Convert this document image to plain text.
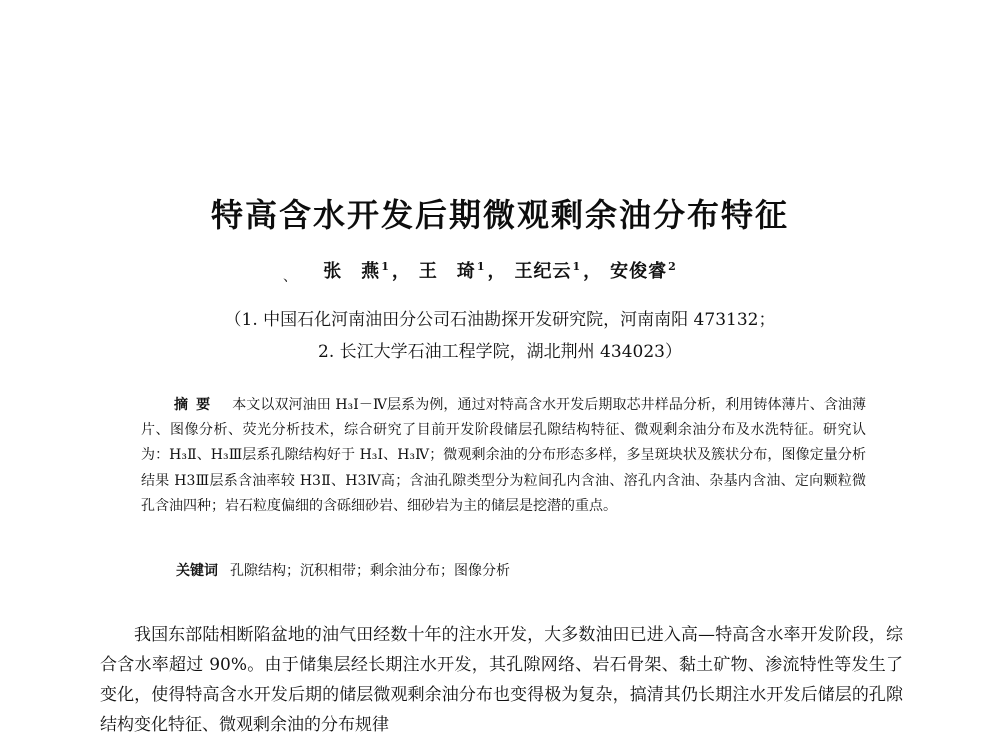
特高含水开发后期微观剩余油分布特征
、	张　燕$^1$ ， 王　琦$^1$ ， 王纪云$^1$ ， 安俊睿$^2$
（1. 中国石化河南油田分公司石油勘探开发研究院，河南南阳 473132；
2. 长江大学石油工程学院，湖北荆州 434023）
摘要 本文以双河油田 H₃Ⅰ－Ⅳ层系为例，通过对特高含水开发后期取芯井样品分析，利用铸体薄片、含油薄片、图像分析、荧光分析技术，综合研究了目前开发阶段储层孔隙结构特征、微观剩余油分布及水洗特征。研究认为：H₃Ⅱ、H₃Ⅲ层系孔隙结构好于 H₃Ⅰ、H₃Ⅳ；微观剩余油的分布形态多样，多呈斑块状及簇状分布，图像定量分析结果 H3Ⅲ层系含油率较 H3Ⅱ、H3Ⅳ高；含油孔隙类型分为粒间孔内含油、溶孔内含油、杂基内含油、定向颗粒微孔含油四种；岩石粒度偏细的含砾细砂岩、细砂岩为主的储层是挖潜的重点。
关键词 孔隙结构；沉积相带；剩余油分布；图像分析
我国东部陆相断陷盆地的油气田经数十年的注水开发，大多数油田已进入高—特高含水率开发阶段，综合含水率超过 90%。由于储集层经长期注水开发，其孔隙网络、岩石骨架、黏土矿物、渗流特性等发生了变化，使得特高含水开发后期的储层微观剩余油分布也变得极为复杂，搞清其仍长期注水开发后储层的孔隙结构变化特征、微观剩余油的分布规律
